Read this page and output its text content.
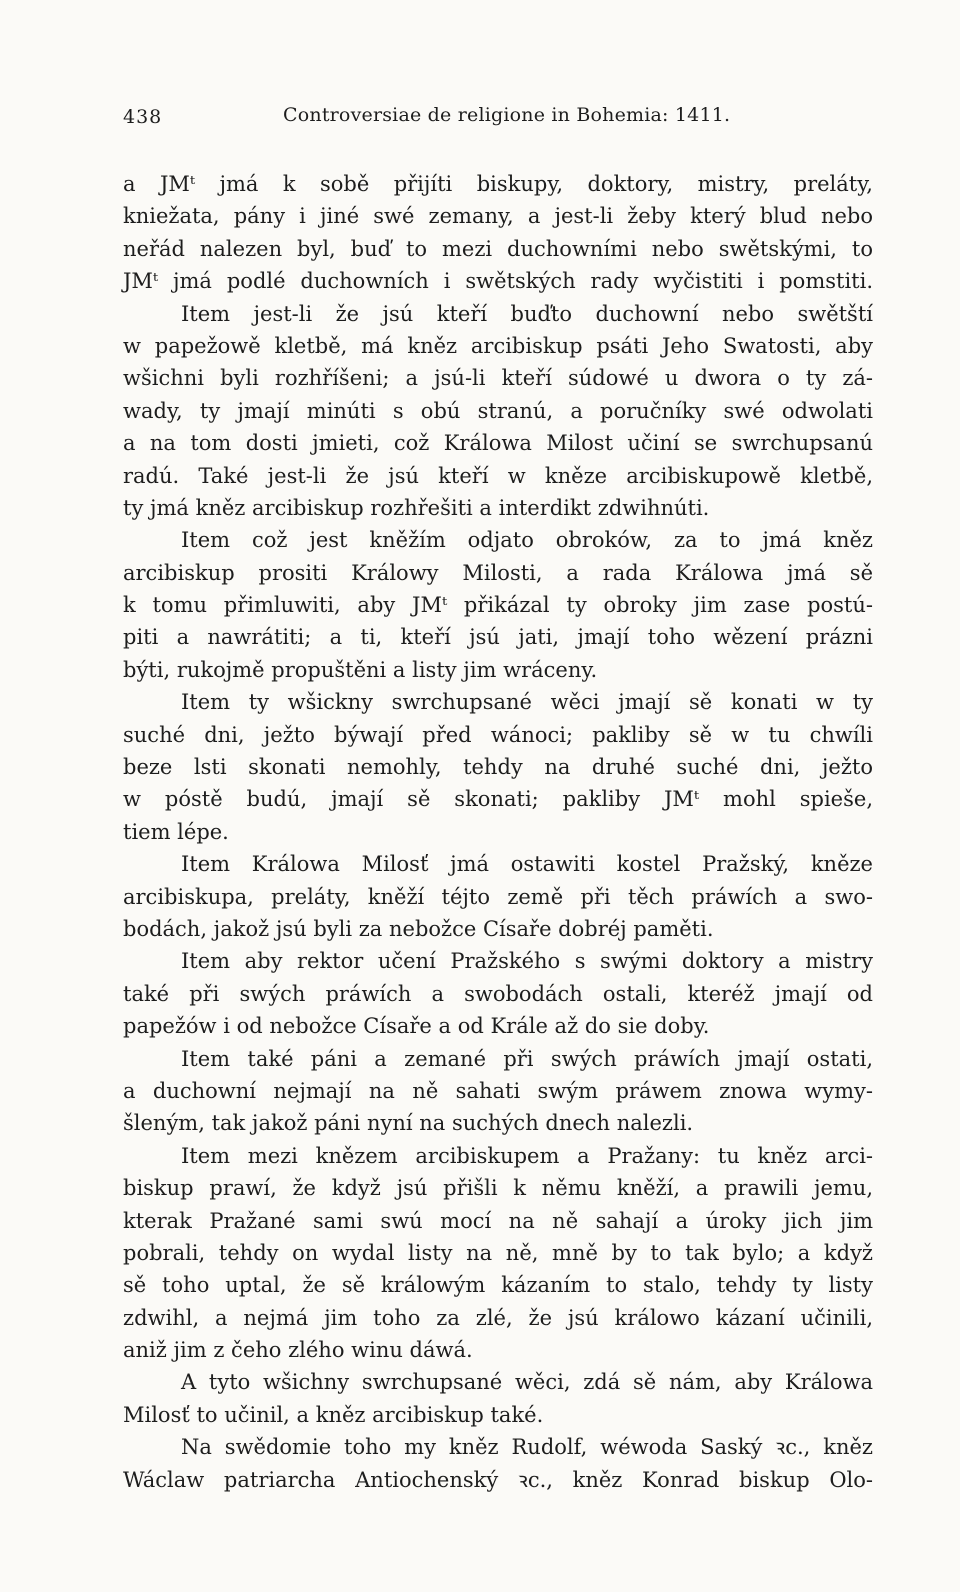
438	Controversiae de religione in Bohemia: 1411.
a JMᵗ jmá k sobě přijíti biskupy, doktory, mistry, preláty,
kniežata, pány i jiné swé zemany, a jest-li žeby který blud nebo
neřád nalezen byl, buď to mezi duchowními nebo swětskými, to
JMᵗ jmá podlé duchowních i swětských rady wyčistiti i pomstiti.
Item jest-li že jsú kteří buďto duchowní nebo swětští
w papežowě kletbě, má kněz arcibiskup psáti Jeho Swatosti, aby
wšichni byli rozhříšeni; a jsú-li kteří súdowé u dwora o ty zá-
wady, ty jmají minúti s obú stranú, a poručníky swé odwolati
a na tom dosti jmieti, což Králowa Milost učiní se swrchupsanú
radú. Také jest-li že jsú kteří w kněze arcibiskupowě kletbě,
ty jmá kněz arcibiskup rozhřešiti a interdikt zdwihnúti.
Item což jest kněžím odjato obroków, za to jmá kněz
arcibiskup prositi Králowy Milosti, a rada Králowa jmá sě
k tomu přimluwiti, aby JMᵗ přikázal ty obroky jim zase postú-
piti a nawrátiti; a ti, kteří jsú jati, jmají toho wězení prázni
býti, rukojmě propuštěni a listy jim wráceny.
Item ty wšickny swrchupsané wěci jmají sě konati w ty
suché dni, ježto býwají před wánoci; pakliby sě w tu chwíli
beze lsti skonati nemohly, tehdy na druhé suché dni, ježto
w póstě budú, jmají sě skonati; pakliby JMᵗ mohl spieše,
tiem lépe.
Item Králowa Milosť jmá ostawiti kostel Pražský, kněze
arcibiskupa, preláty, kněží téjto země při těch práwích a swo-
bodách, jakož jsú byli za nebožce Císaře dobréj paměti.
Item aby rektor učení Pražského s swými doktory a mistry
také při swých práwích a swobodách ostali, kteréž jmají od
papežów i od nebožce Císaře a od Krále až do sie doby.
Item také páni a zemané při swých práwích jmají ostati,
a duchowní nejmají na ně sahati swým práwem znowa wymy-
šleným, tak jakož páni nyní na suchých dnech nalezli.
Item mezi knězem arcibiskupem a Pražany: tu kněz arci-
biskup prawí, že když jsú přišli k němu kněží, a prawili jemu,
kterak Pražané sami swú mocí na ně sahají a úroky jich jim
pobrali, tehdy on wydal listy na ně, mně by to tak bylo; a když
sě toho uptal, že sě králowým kázaním to stalo, tehdy ty listy
zdwihl, a nejmá jim toho za zlé, že jsú králowo kázaní učinili,
aniž jim z čeho zlého winu dáwá.
A tyto wšichny swrchupsané wěci, zdá sě nám, aby Králowa
Milosť to učinil, a kněz arcibiskup také.
Na swědomie toho my kněz Rudolf, wéwoda Saský ꝛc., kněz
Wáclaw patriarcha Antiochenský ꝛc., kněz Konrad biskup Olo-
